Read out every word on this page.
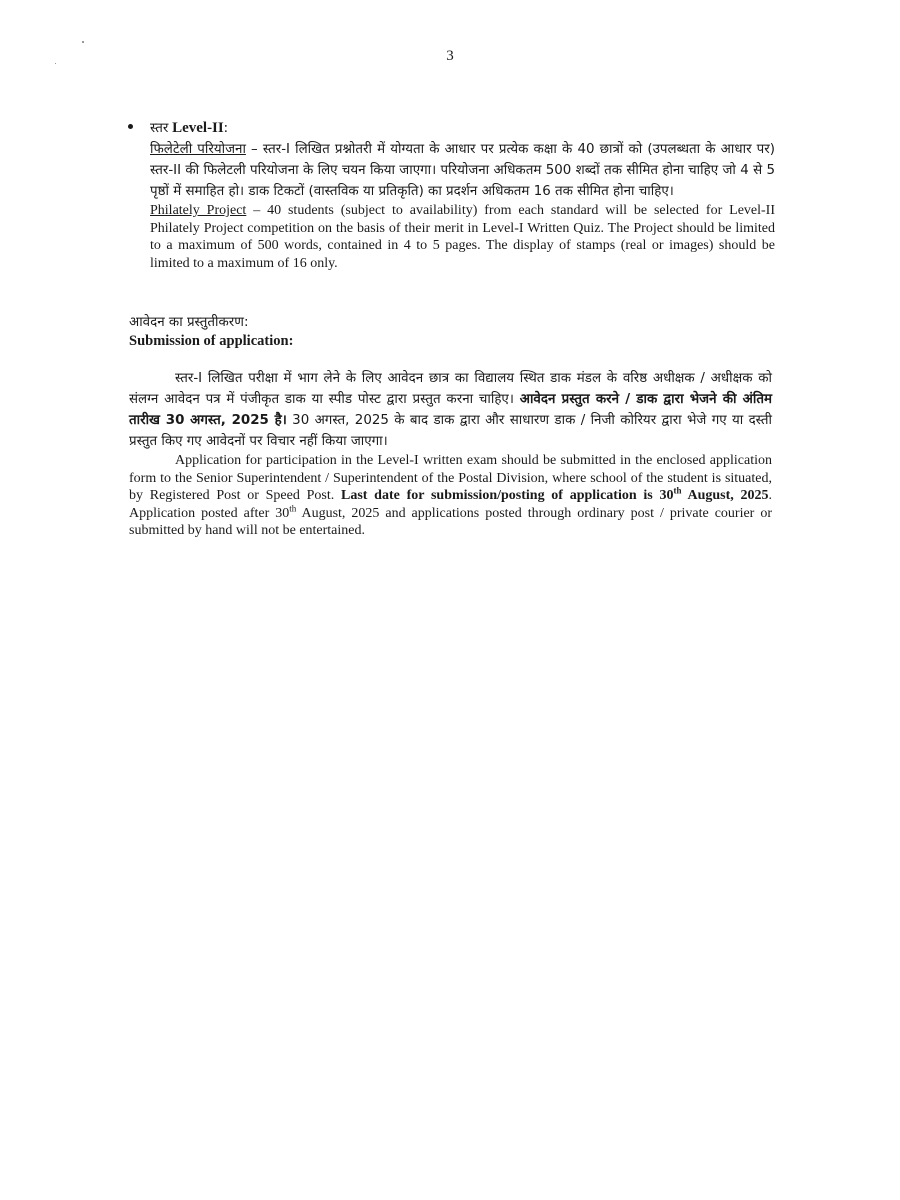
3

स्तर Level-II:

फिलेटेली परियोजना – स्तर-I लिखित प्रश्नोतरी में योग्यता के आधार पर प्रत्येक कक्षा के 40 छात्रों को (उपलब्धता के आधार पर) स्तर-II की फिलेटली परियोजना के लिए चयन किया जाएगा। परियोजना अधिकतम 500 शब्दों तक सीमित होना चाहिए जो 4 से 5 पृष्ठों में समाहित हो। डाक टिकटों (वास्तविक या प्रतिकृति) का प्रदर्शन अधिकतम 16 तक सीमित होना चाहिए।

Philately Project – 40 students (subject to availability) from each standard will be selected for Level-II Philately Project competition on the basis of their merit in Level-I Written Quiz. The Project should be limited to a maximum of 500 words, contained in 4 to 5 pages. The display of stamps (real or images) should be limited to a maximum of 16 only.

आवेदन का प्रस्तुतीकरण:

Submission of application:

स्तर-I लिखित परीक्षा में भाग लेने के लिए आवेदन छात्र का विद्यालय स्थित डाक मंडल के वरिष्ठ अधीक्षक / अधीक्षक को संलग्न आवेदन पत्र में पंजीकृत डाक या स्पीड पोस्ट द्वारा प्रस्तुत करना चाहिए। आवेदन प्रस्तुत करने / डाक द्वारा भेजने की अंतिम तारीख 30 अगस्त, 2025 है। 30 अगस्त, 2025 के बाद डाक द्वारा और साधारण डाक / निजी कोरियर द्वारा भेजे गए या दस्ती प्रस्तुत किए गए आवेदनों पर विचार नहीं किया जाएगा।

Application for participation in the Level-I written exam should be submitted in the enclosed application form to the Senior Superintendent / Superintendent of the Postal Division, where school of the student is situated, by Registered Post or Speed Post. Last date for submission/posting of application is 30th August, 2025. Application posted after 30th August, 2025 and applications posted through ordinary post / private courier or submitted by hand will not be entertained.
